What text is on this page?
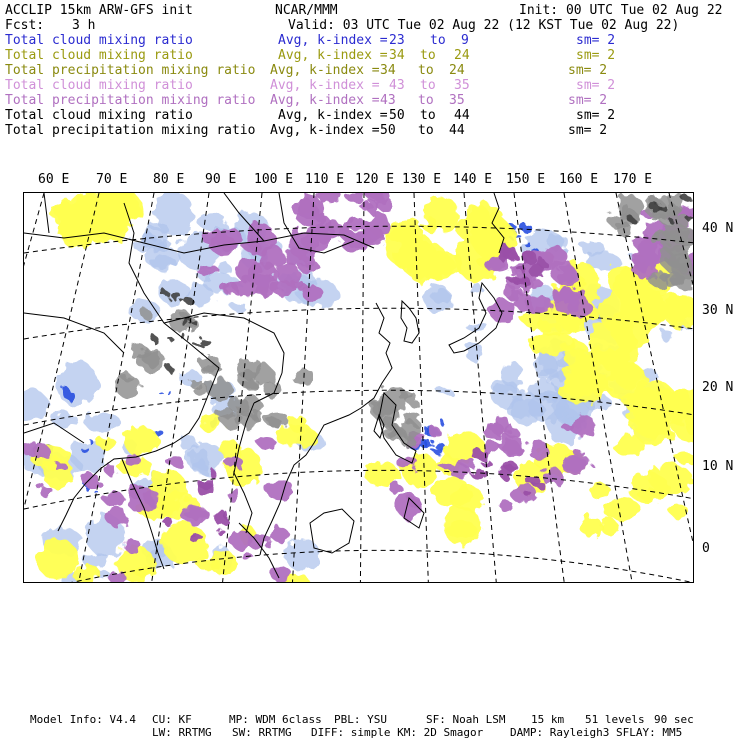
ACCLIP 15km ARW-GFS init	NCAR/MMM	Init: 00 UTC Tue 02 Aug 22
Fcst: 3 h	Valid: 03 UTC Tue 02 Aug 22 (12 KST Tue 02 Aug 22)
Total cloud mixing ratio	Avg, k-index = 23 to 9	sm= 2
Total cloud mixing ratio	Avg, k-index = 34 to 24	sm= 2
Total precipitation mixing ratio Avg, k-index = 34 to 24	sm= 2
Total cloud mixing ratio	Avg, k-index = 43 to 35	sm= 2
Total precipitation mixing ratio Avg, k-index = 43 to 35	sm= 2
Total cloud mixing ratio	Avg, k-index = 50 to 44	sm= 2
Total precipitation mixing ratio Avg, k-index = 50 to 44	sm= 2
60 E 70 E 80 E 90 E 100 E 110 E 120 E 130 E 140 E 150 E 160 E 170 E
40 N
30 N
20 N
10 N
0
Model Info: V4.4 CU: KF	MP: WDM 6class PBL: YSU	SF: Noah LSM 15 km 51 levels 90 sec
LW: RRTMG SW: RRTMG DIFF: simple KM: 2D Smagor DAMP: Rayleigh3 SFLAY: MM5
